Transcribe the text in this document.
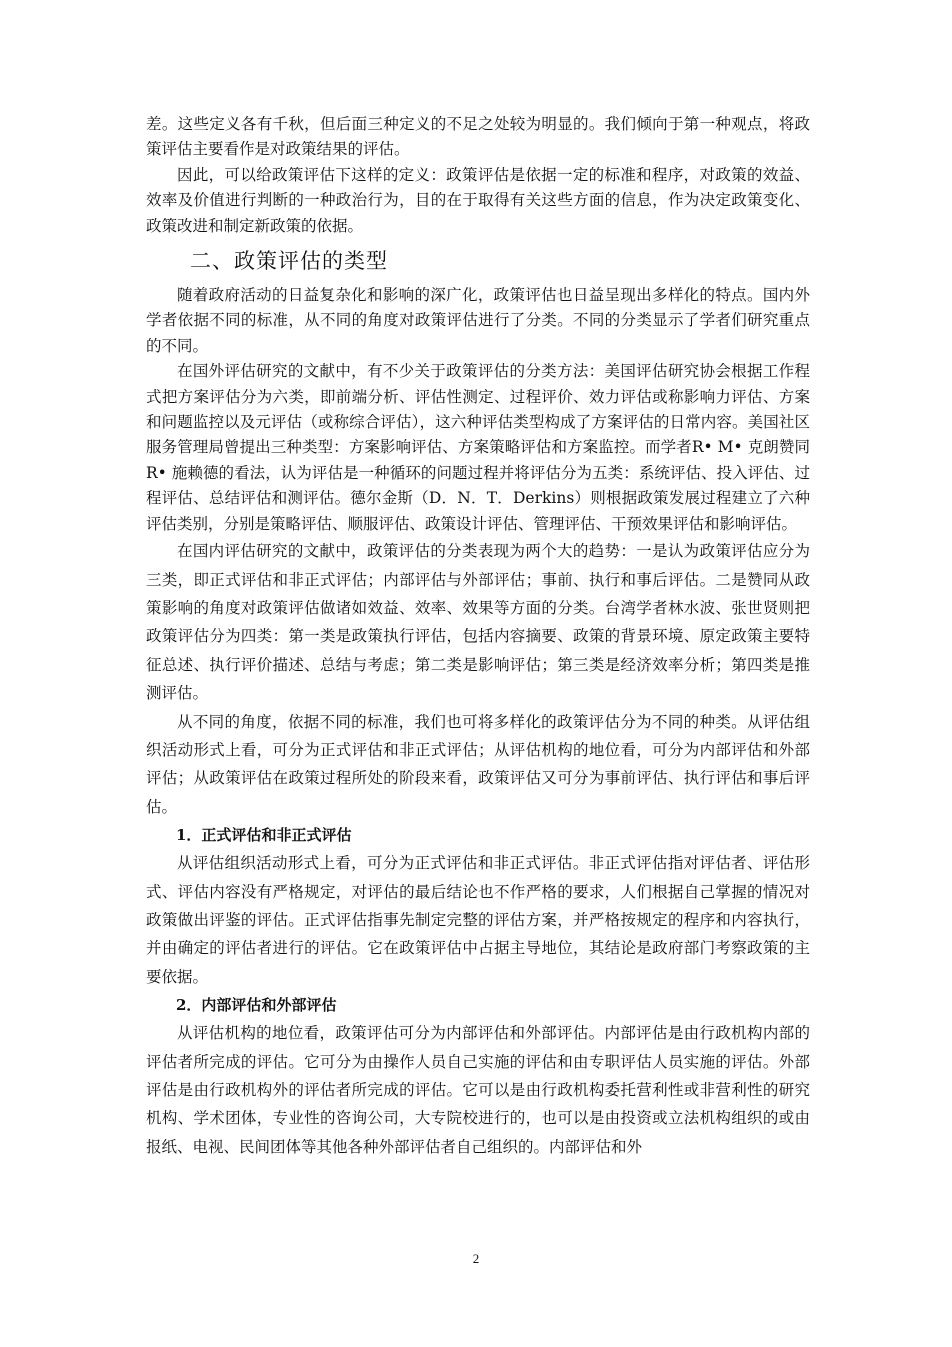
差。这些定义各有千秋，但后面三种定义的不足之处较为明显的。我们倾向于第一种观点，将政策评估主要看作是对政策结果的评估。

因此，可以给政策评估下这样的定义：政策评估是依据一定的标准和程序，对政策的效益、效率及价值进行判断的一种政治行为，目的在于取得有关这些方面的信息，作为决定政策变化、政策改进和制定新政策的依据。

二、政策评估的类型

随着政府活动的日益复杂化和影响的深广化，政策评估也日益呈现出多样化的特点。国内外学者依据不同的标准，从不同的角度对政策评估进行了分类。不同的分类显示了学者们研究重点的不同。

在国外评估研究的文献中，有不少关于政策评估的分类方法：美国评估研究协会根据工作程式把方案评估分为六类，即前端分析、评估性测定、过程评价、效力评估或称影响力评估、方案和问题监控以及元评估（或称综合评估），这六种评估类型构成了方案评估的日常内容。美国社区服务管理局曾提出三种类型：方案影响评估、方案策略评估和方案监控。而学者R• M• 克朗赞同R• 施赖德的看法，认为评估是一种循环的问题过程并将评估分为五类：系统评估、投入评估、过程评估、总结评估和测评估。德尔金斯（D．N．T．Derkins）则根据政策发展过程建立了六种评估类别，分别是策略评估、顺服评估、政策设计评估、管理评估、干预效果评估和影响评估。

在国内评估研究的文献中，政策评估的分类表现为两个大的趋势：一是认为政策评估应分为三类，即正式评估和非正式评估；内部评估与外部评估；事前、执行和事后评估。二是赞同从政策影响的角度对政策评估做诸如效益、效率、效果等方面的分类。台湾学者林水波、张世贤则把政策评估分为四类：第一类是政策执行评估，包括内容摘要、政策的背景环境、原定政策主要特征总述、执行评价描述、总结与考虑；第二类是影响评估；第三类是经济效率分析；第四类是推测评估。

从不同的角度，依据不同的标准，我们也可将多样化的政策评估分为不同的种类。从评估组织活动形式上看，可分为正式评估和非正式评估；从评估机构的地位看，可分为内部评估和外部评估；从政策评估在政策过程所处的阶段来看，政策评估又可分为事前评估、执行评估和事后评估。

1．正式评估和非正式评估

从评估组织活动形式上看，可分为正式评估和非正式评估。非正式评估指对评估者、评估形式、评估内容没有严格规定，对评估的最后结论也不作严格的要求，人们根据自己掌握的情况对政策做出评鉴的评估。正式评估指事先制定完整的评估方案，并严格按规定的程序和内容执行，并由确定的评估者进行的评估。它在政策评估中占据主导地位，其结论是政府部门考察政策的主要依据。

2．内部评估和外部评估

从评估机构的地位看，政策评估可分为内部评估和外部评估。内部评估是由行政机构内部的评估者所完成的评估。它可分为由操作人员自己实施的评估和由专职评估人员实施的评估。外部评估是由行政机构外的评估者所完成的评估。它可以是由行政机构委托营利性或非营利性的研究机构、学术团体，专业性的咨询公司，大专院校进行的，也可以是由投资或立法机构组织的或由报纸、电视、民间团体等其他各种外部评估者自己组织的。内部评估和外

2
